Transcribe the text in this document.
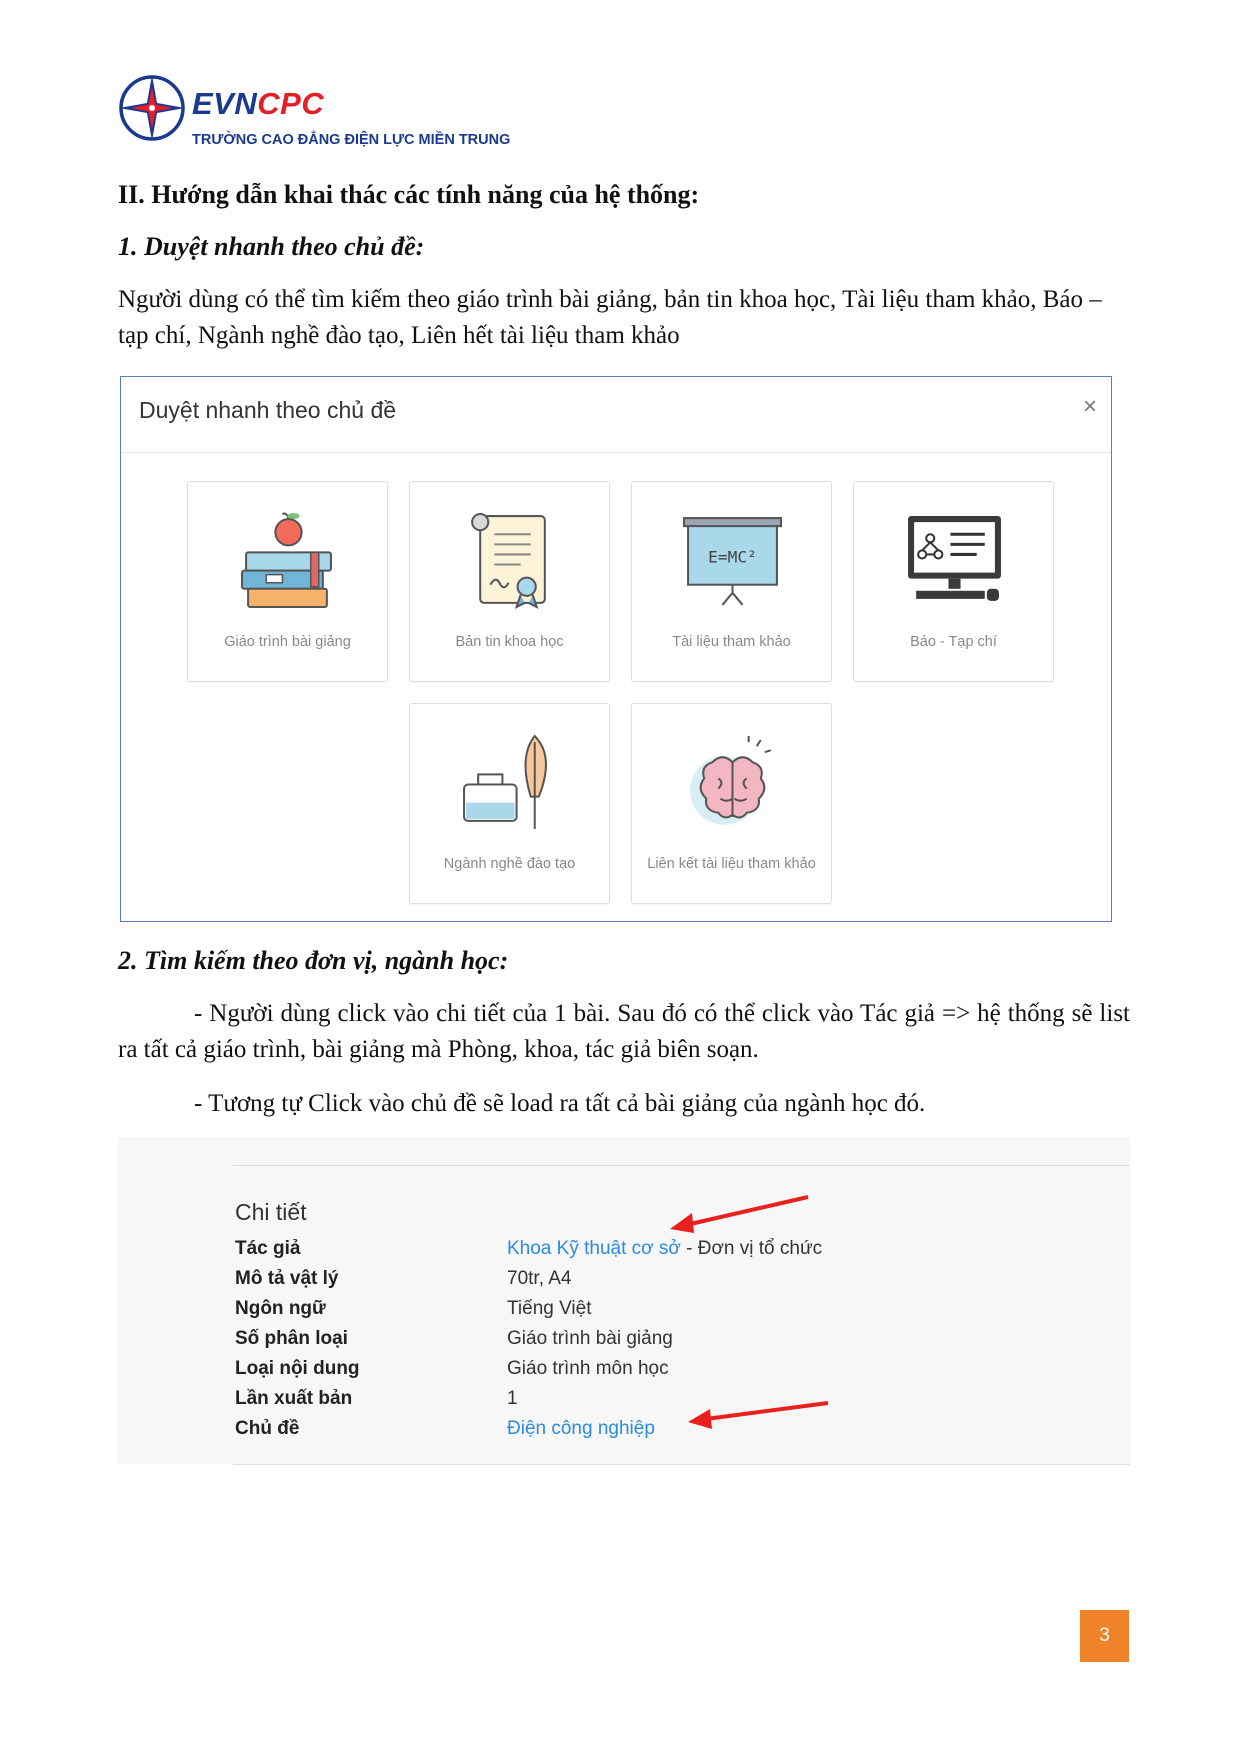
EVNCPC
TRƯỜNG CAO ĐẲNG ĐIỆN LỰC MIỀN TRUNG
II. Hướng dẫn khai thác các tính năng của hệ thống:
1. Duyệt nhanh theo chủ đề:
Người dùng có thể tìm kiếm theo giáo trình bài giảng, bản tin khoa học, Tài liệu tham khảo, Báo – tạp chí, Ngành nghề đào tạo, Liên hết tài liệu tham khảo
Duyệt nhanh theo chủ đề	×
Giáo trình bài giảng	Bản tin khoa học
E=MC²
Tài liệu tham khảo	Báo - Tạp chí
Ngành nghề đào tạo	Liên kết tài liệu tham khảo
2. Tìm kiếm theo đơn vị, ngành học:
- Người dùng click vào chi tiết của 1 bài. Sau đó có thể click vào Tác giả => hệ thống sẽ list ra tất cả giáo trình, bài giảng mà Phòng, khoa, tác giả biên soạn.
- Tương tự Click vào chủ đề sẽ load ra tất cả bài giảng của ngành học đó.
Chi tiết
Tác giả	Khoa Kỹ thuật cơ sở - Đơn vị tổ chức
Mô tả vật lý	70tr, A4
Ngôn ngữ	Tiếng Việt
Số phân loại	Giáo trình bài giảng
Loại nội dung	Giáo trình môn học
Lần xuất bản	1
Chủ đề	Điện công nghiệp
3
